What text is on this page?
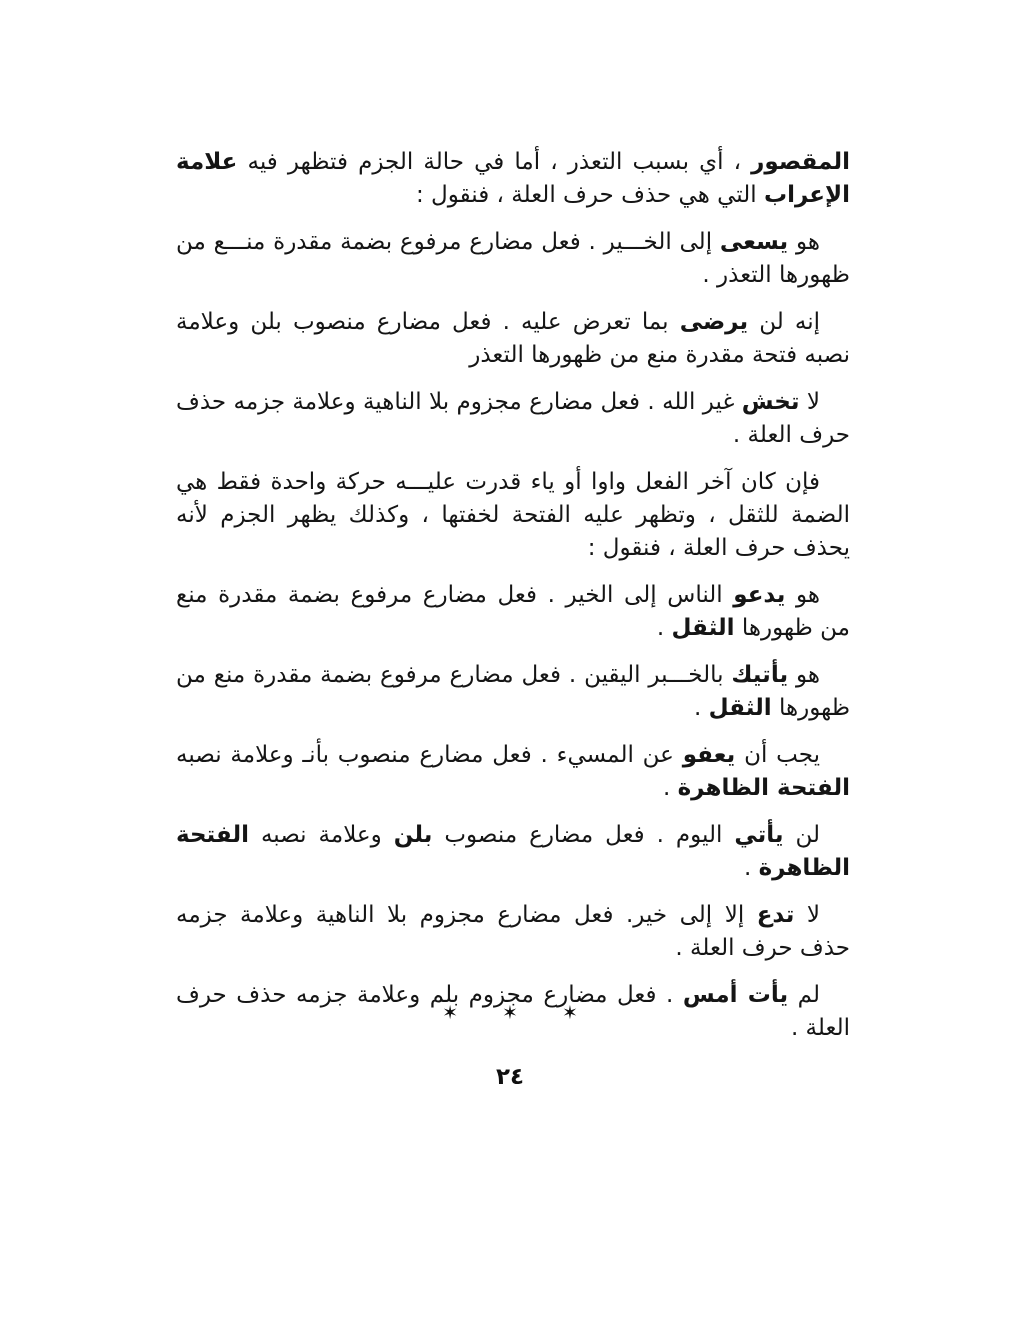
المقصور ، أي بسبب التعذر ، أما في حالة الجزم فتظهر فيه علامة الإعراب التي هي حذف حرف العلة ، فنقول :

هو يسعى إلى الخـــير . فعل مضارع مرفوع بضمة مقدرة منـــع من ظهورها التعذر .

إنه لن يرضى بما تعرض عليه . فعل مضارع منصوب بلن وعلامة نصبه فتحة مقدرة منع من ظهورها التعذر

لا تخش غير الله . فعل مضارع مجزوم بلا الناهية وعلامة جزمه حذف حرف العلة .

فإن كان آخر الفعل واوا أو ياء قدرت عليـــه حركة واحدة فقط هي الضمة للثقل ، وتظهر عليه الفتحة لخفتها ، وكذلك يظهر الجزم لأنه يحذف حرف العلة ، فنقول :

هو يدعو الناس إلى الخير . فعل مضارع مرفوع بضمة مقدرة منع من ظهورها الثقل .

هو يأتيك بالخـــبر اليقين . فعل مضارع مرفوع بضمة مقدرة منع من ظهورها الثقل .

يجب أن يعفو عن المسيء . فعل مضارع منصوب بأنـ وعلامة نصبه الفتحة الظاهرة .

لن يأتي اليوم . فعل مضارع منصوب بلن وعلامة نصبه الفتحة الظاهرة .

لا تدع إلا إلى خير. فعل مضارع مجزوم بلا الناهية وعلامة جزمه حذف حرف العلة .

لم يأت أمس . فعل مضارع مجزوم بلم وعلامة جزمه حذف حرف العلة .

✶ ✶ ✶
٢٤
